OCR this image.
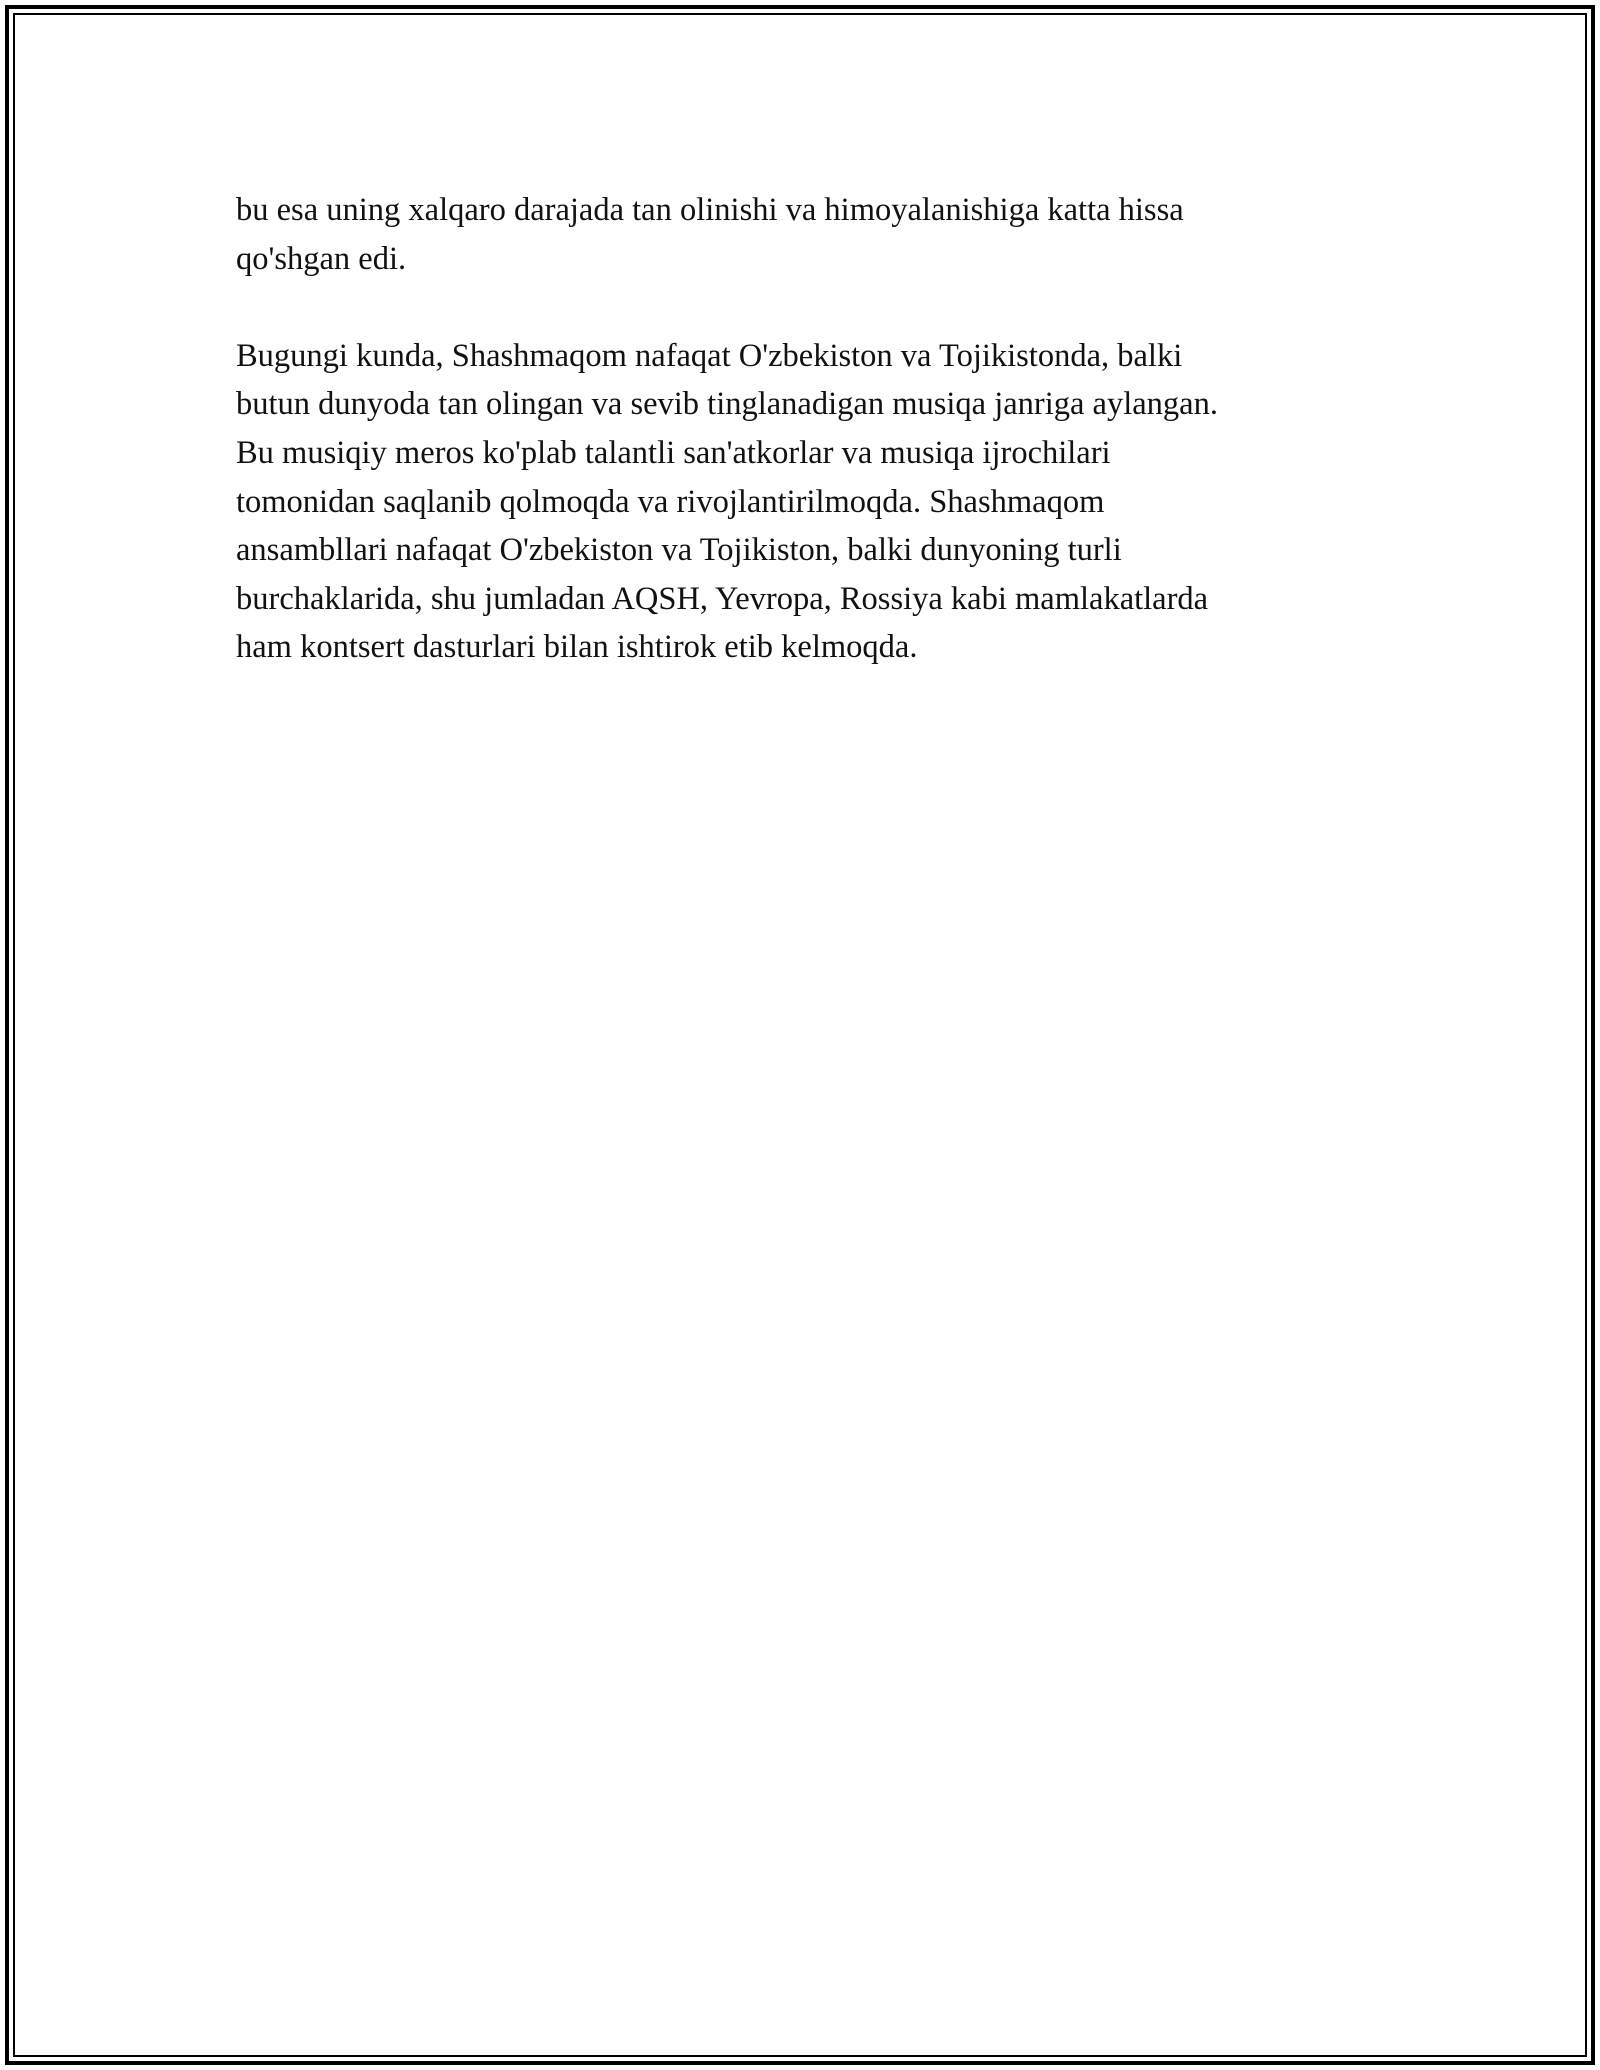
bu esa uning xalqaro darajada tan olinishi va himoyalanishiga katta hissa
qo'shgan edi.

Bugungi kunda, Shashmaqom nafaqat O'zbekiston va Tojikistonda, balki
butun dunyoda tan olingan va sevib tinglanadigan musiqa janriga aylangan.
Bu musiqiy meros ko'plab talantli san'atkorlar va musiqa ijrochilari
tomonidan saqlanib qolmoqda va rivojlantirilmoqda. Shashmaqom
ansambllari nafaqat O'zbekiston va Tojikiston, balki dunyoning turli
burchaklarida, shu jumladan AQSH, Yevropa, Rossiya kabi mamlakatlarda
ham kontsert dasturlari bilan ishtirok etib kelmoqda.
